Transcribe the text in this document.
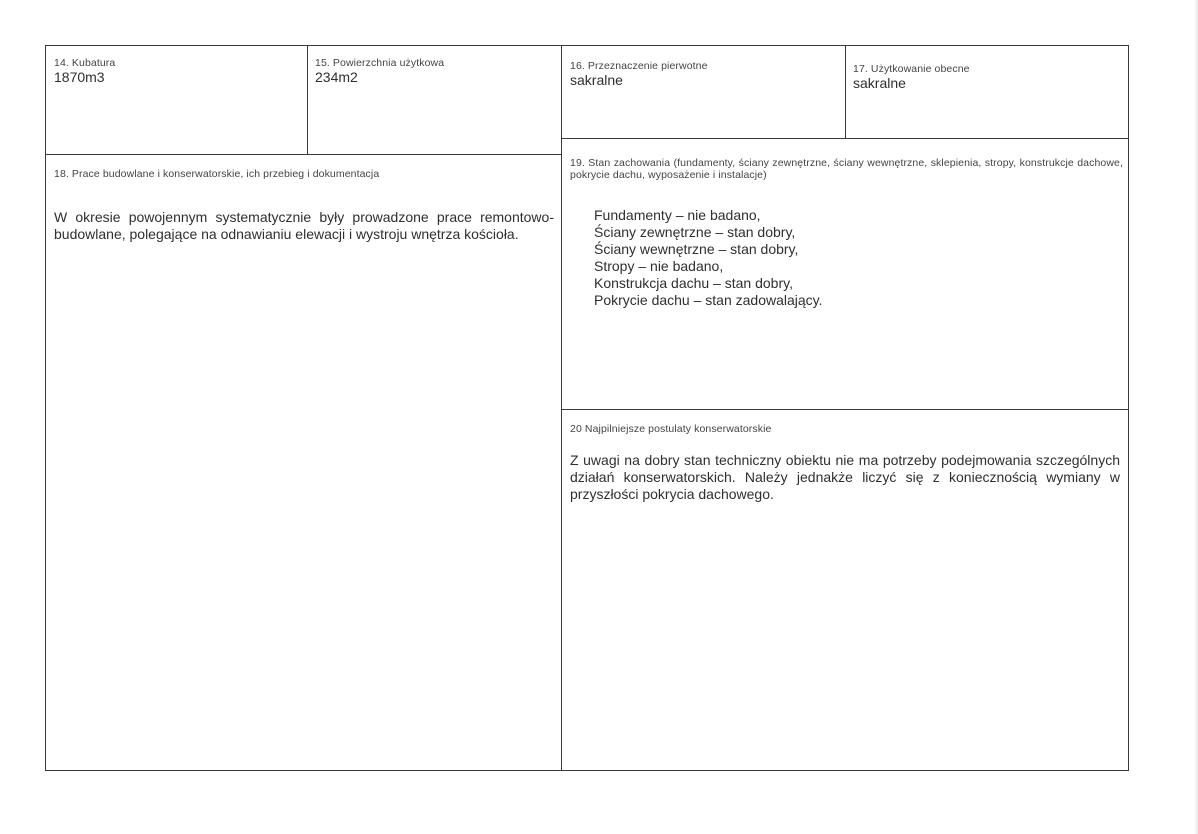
14. Kubatura
1870m3
15. Powierzchnia użytkowa
234m2
16. Przeznaczenie pierwotne
sakralne
17. Użytkowanie obecne
sakralne
18. Prace budowlane i konserwatorskie, ich przebieg i dokumentacja
W okresie powojennym systematycznie były prowadzone prace remontowo-budowlane, polegające na odnawianiu elewacji i wystroju wnętrza kościoła.
19. Stan zachowania (fundamenty, ściany zewnętrzne, ściany wewnętrzne, sklepienia, stropy, konstrukcje dachowe, pokrycie dachu, wyposażenie i instalacje)
Fundamenty – nie badano,
Ściany zewnętrzne – stan dobry,
Ściany wewnętrzne – stan dobry,
Stropy – nie badano,
Konstrukcja dachu – stan dobry,
Pokrycie dachu – stan zadowalający.
20 Najpilniejsze postulaty konserwatorskie
Z uwagi na dobry stan techniczny obiektu nie ma potrzeby podejmowania szczególnych działań konserwatorskich. Należy jednakże liczyć się z koniecznością wymiany w przyszłości pokrycia dachowego.
